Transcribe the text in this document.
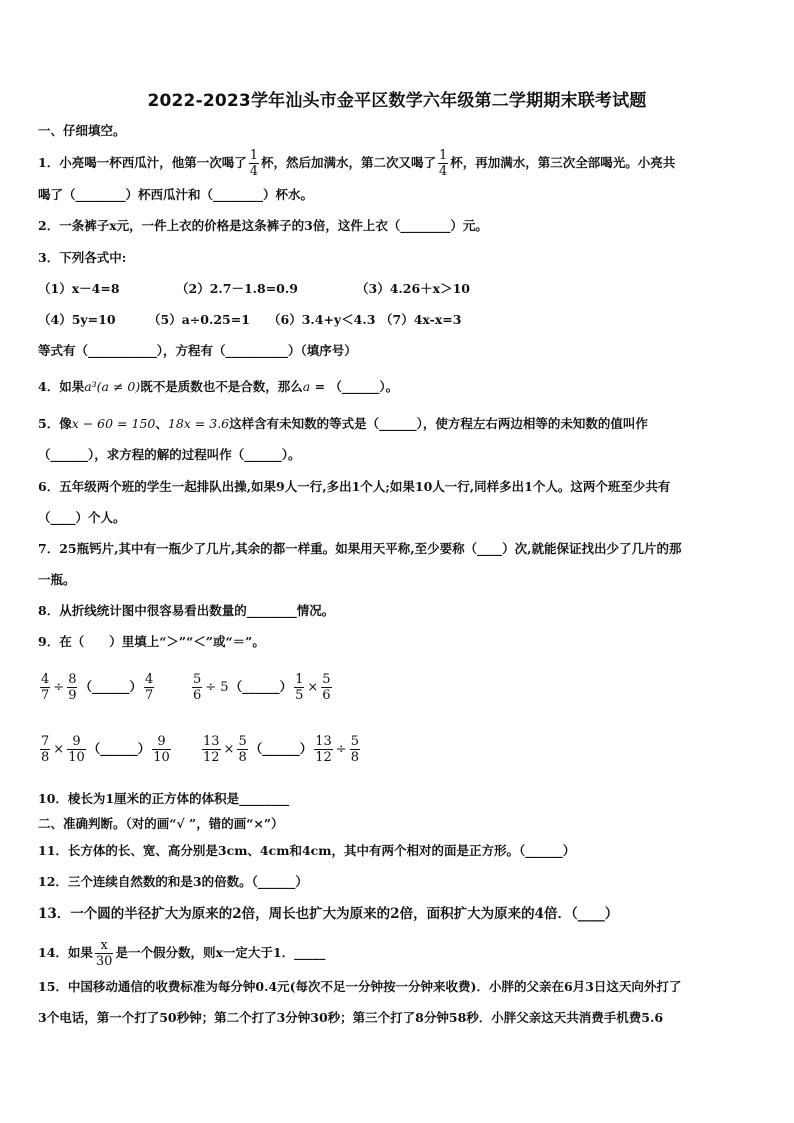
2022-2023学年汕头市金平区数学六年级第二学期期末联考试题
一、仔细填空。
1．小亮喝一杯西瓜汁，他第一次喝了 $\frac{1}{4}$ 杯，然后加满水，第二次又喝了 $\frac{1}{4}$ 杯，再加满水，第三次全部喝光。小亮共
喝了（________）杯西瓜汁和（________）杯水。
2．一条裤子x元，一件上衣的价格是这条裤子的3倍，这件上衣（________）元。
3．下列各式中:
（1）x－4=8	（2）2.7－1.8=0.9	（3）4.26＋x＞10
（4）5y=10	（5）a÷0.25=1 （6）3.4+y＜4.3 （7）4x-x=3
等式有（___________），方程有（__________）（填序号）
4．如果a³(a ≠ 0)既不是质数也不是合数，那么a = （______）。
5．像x − 60 = 150、18x = 3.6这样含有未知数的等式是（______），使方程左右两边相等的未知数的值叫作
（______），求方程的解的过程叫作（______）。
6．五年级两个班的学生一起排队出操,如果9人一行,多出1个人;如果10人一行,同样多出1个人。这两个班至少共有
（____）个人。
7．25瓶钙片,其中有一瓶少了几片,其余的都一样重。如果用天平称,至少要称（____）次,就能保证找出少了几片的那
一瓶。
8．从折线统计图中很容易看出数量的________情况。
9．在（　　）里填上“＞”“＜”或“＝”。
$\frac{4}{7} \div \frac{8}{9}$ （______） $\frac{4}{7}$	$\frac{5}{6}$ ÷ 5（______） $\frac{1}{5} \times \frac{5}{6}$
$\frac{7}{8} \times \frac{9}{10}$ （______） $\frac{9}{10} \frac{13}{12} \times \frac{5}{8}$ （______） $\frac{13}{12} \div \frac{5}{8}$
10．棱长为1厘米的正方体的体积是________
二、准确判断。（对的画“√ ”，错的画“×”）
11．长方体的长、宽、高分别是3cm、4cm和4cm，其中有两个相对的面是正方形。（______）
12．三个连续自然数的和是3的倍数。（______）
13．一个圆的半径扩大为原来的2倍，周长也扩大为原来的2倍，面积扩大为原来的4倍．（____）
14．如果 $\frac{x}{30}$ 是一个假分数，则x一定大于1．_____
15．中国移动通信的收费标准为每分钟0.4元(每次不足一分钟按一分钟来收费)．小胖的父亲在6月3日这天向外打了
3个电话，第一个打了50秒钟；第二个打了3分钟30秒；第三个打了8分钟58秒．小胖父亲这天共消费手机费5.6
